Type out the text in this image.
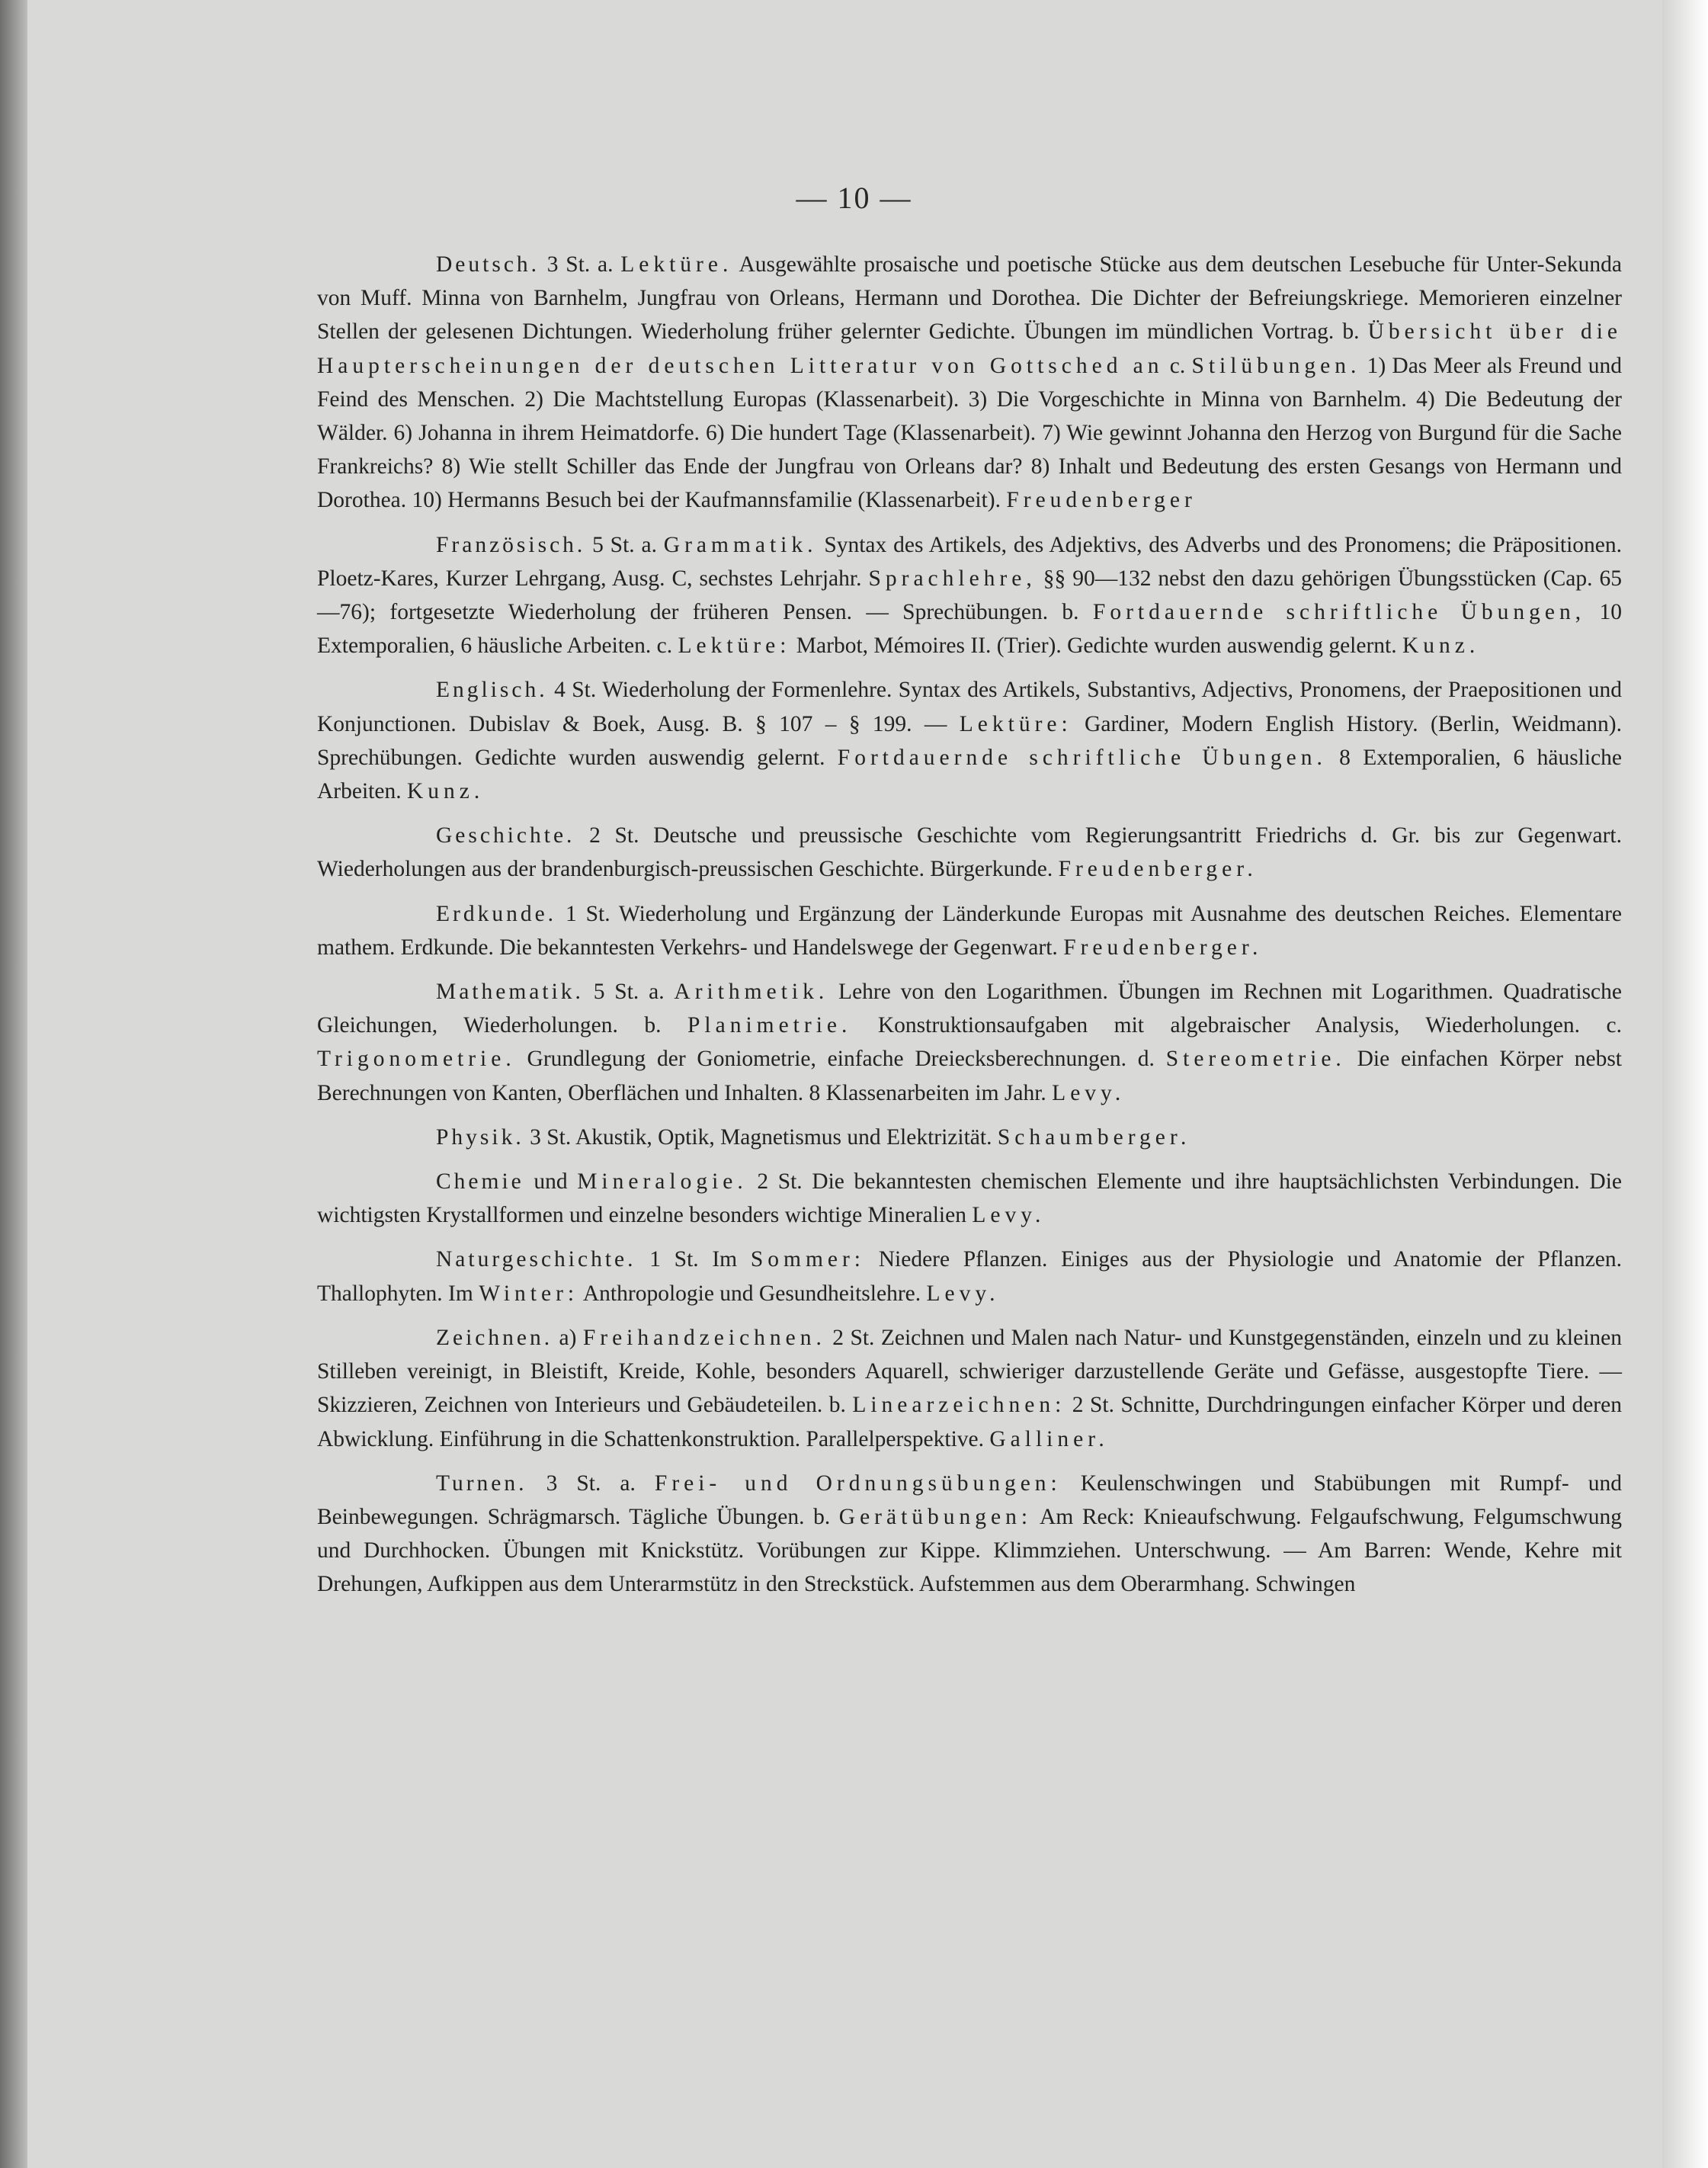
— 10 —

Deutsch. 3 St. a. Lektüre. Ausgewählte prosaische und poetische Stücke aus dem deutschen Lesebuche für Unter-Sekunda von Muff. Minna von Barnhelm, Jungfrau von Orleans, Hermann und Dorothea. Die Dichter der Befreiungskriege. Memorieren einzelner Stellen der gelesenen Dichtungen. Wiederholung früher gelernter Gedichte. Übungen im mündlichen Vortrag. b. Übersicht über die Haupterscheinungen der deutschen Litteratur von Gottsched an c. Stilübungen. 1) Das Meer als Freund und Feind des Menschen. 2) Die Machtstellung Europas (Klassenarbeit). 3) Die Vorgeschichte in Minna von Barnhelm. 4) Die Bedeutung der Wälder. 6) Johanna in ihrem Heimatdorfe. 6) Die hundert Tage (Klassenarbeit). 7) Wie gewinnt Johanna den Herzog von Burgund für die Sache Frankreichs? 8) Wie stellt Schiller das Ende der Jungfrau von Orleans dar? 8) Inhalt und Bedeutung des ersten Gesangs von Hermann und Dorothea. 10) Hermanns Besuch bei der Kaufmannsfamilie (Klassenarbeit). Freudenberger

Französisch. 5 St. a. Grammatik. Syntax des Artikels, des Adjektivs, des Adverbs und des Pronomens; die Präpositionen. Ploetz-Kares, Kurzer Lehrgang, Ausg. C, sechstes Lehrjahr. Sprachlehre, §§ 90—132 nebst den dazu gehörigen Übungsstücken (Cap. 65—76); fortgesetzte Wiederholung der früheren Pensen. — Sprechübungen. b. Fortdauernde schriftliche Übungen, 10 Extemporalien, 6 häusliche Arbeiten. c. Lektüre: Marbot, Mémoires II. (Trier). Gedichte wurden auswendig gelernt. Kunz.

Englisch. 4 St. Wiederholung der Formenlehre. Syntax des Artikels, Substantivs, Adjectivs, Pronomens, der Praepositionen und Konjunctionen. Dubislav & Boek, Ausg. B. § 107 – § 199. — Lektüre: Gardiner, Modern English History. (Berlin, Weidmann). Sprechübungen. Gedichte wurden auswendig gelernt. Fortdauernde schriftliche Übungen. 8 Extemporalien, 6 häusliche Arbeiten. Kunz.

Geschichte. 2 St. Deutsche und preussische Geschichte vom Regierungsantritt Friedrichs d. Gr. bis zur Gegenwart. Wiederholungen aus der brandenburgisch-preussischen Geschichte. Bürgerkunde. Freudenberger.

Erdkunde. 1 St. Wiederholung und Ergänzung der Länderkunde Europas mit Ausnahme des deutschen Reiches. Elementare mathem. Erdkunde. Die bekanntesten Verkehrs- und Handelswege der Gegenwart. Freudenberger.

Mathematik. 5 St. a. Arithmetik. Lehre von den Logarithmen. Übungen im Rechnen mit Logarithmen. Quadratische Gleichungen, Wiederholungen. b. Planimetrie. Konstruktionsaufgaben mit algebraischer Analysis, Wiederholungen. c. Trigonometrie. Grundlegung der Goniometrie, einfache Dreiecksberechnungen. d. Stereometrie. Die einfachen Körper nebst Berechnungen von Kanten, Oberflächen und Inhalten. 8 Klassenarbeiten im Jahr. Levy.

Physik. 3 St. Akustik, Optik, Magnetismus und Elektrizität. Schaumberger.

Chemie und Mineralogie. 2 St. Die bekanntesten chemischen Elemente und ihre hauptsächlichsten Verbindungen. Die wichtigsten Krystallformen und einzelne besonders wichtige Mineralien Levy.

Naturgeschichte. 1 St. Im Sommer: Niedere Pflanzen. Einiges aus der Physiologie und Anatomie der Pflanzen. Thallophyten. Im Winter: Anthropologie und Gesundheitslehre. Levy.

Zeichnen. a) Freihandzeichnen. 2 St. Zeichnen und Malen nach Natur- und Kunstgegenständen, einzeln und zu kleinen Stilleben vereinigt, in Bleistift, Kreide, Kohle, besonders Aquarell, schwieriger darzustellende Geräte und Gefässe, ausgestopfte Tiere. — Skizzieren, Zeichnen von Interieurs und Gebäudeteilen. b. Linearzeichnen: 2 St. Schnitte, Durchdringungen einfacher Körper und deren Abwicklung. Einführung in die Schattenkonstruktion. Parallelperspektive. Galliner.

Turnen. 3 St. a. Frei- und Ordnungsübungen: Keulenschwingen und Stabübungen mit Rumpf- und Beinbewegungen. Schrägmarsch. Tägliche Übungen. b. Gerätübungen: Am Reck: Knieaufschwung. Felgaufschwung, Felgumschwung und Durchhocken. Übungen mit Knickstütz. Vorübungen zur Kippe. Klimmziehen. Unterschwung. — Am Barren: Wende, Kehre mit Drehungen, Aufkippen aus dem Unterarmstütz in den Streckstück. Aufstemmen aus dem Oberarmhang. Schwingen
